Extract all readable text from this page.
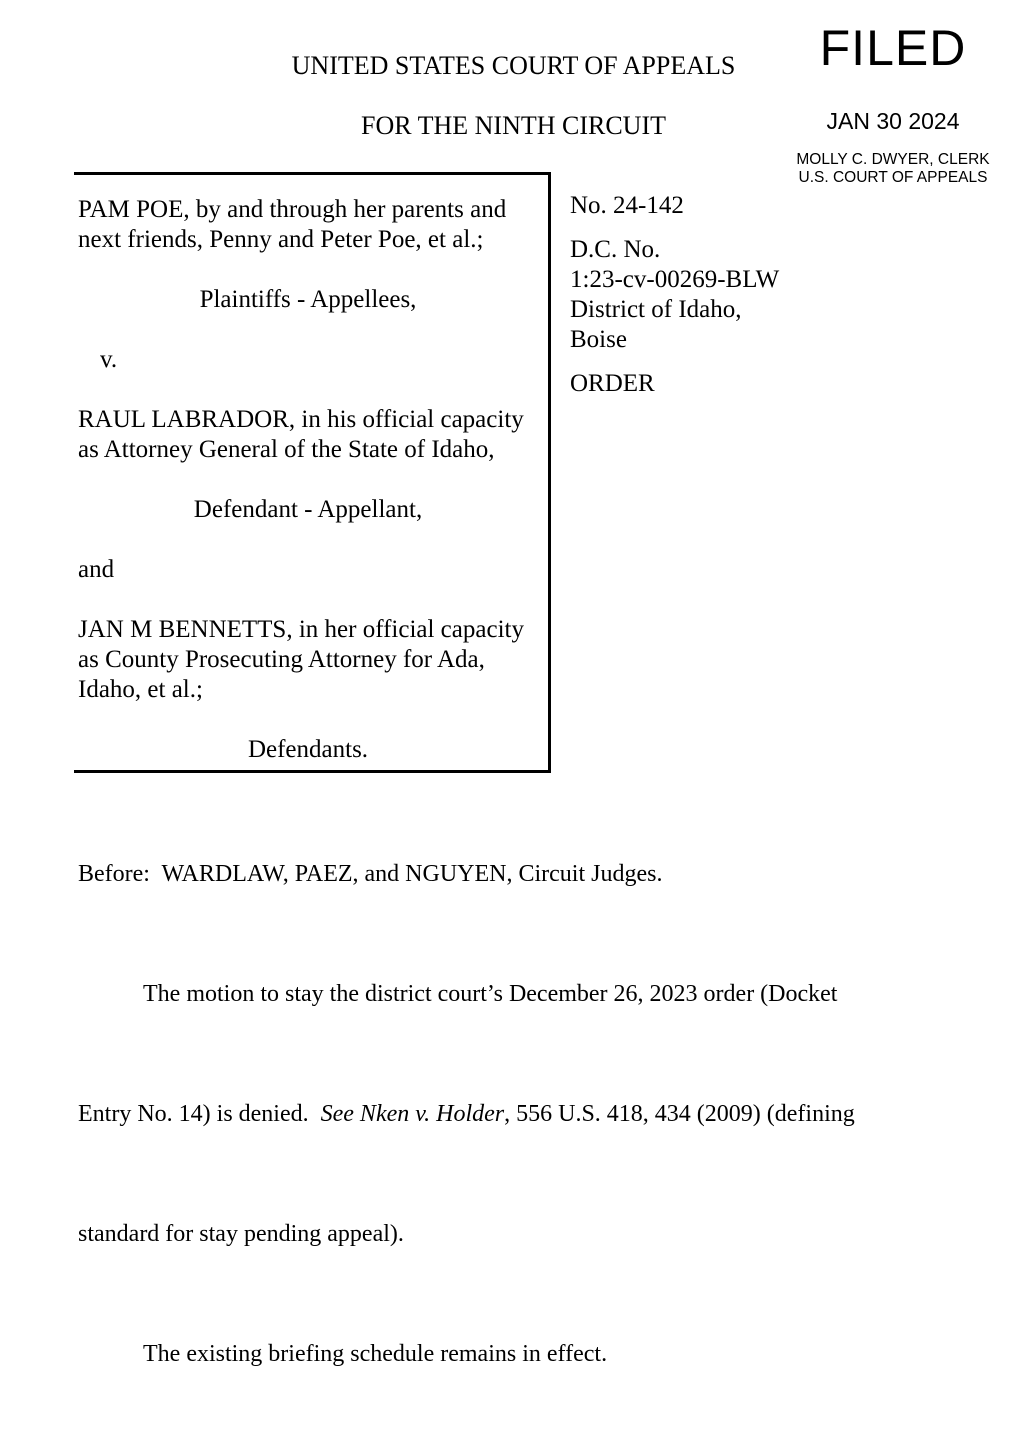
UNITED STATES COURT OF APPEALS
FOR THE NINTH CIRCUIT
FILED
JAN 30 2024
MOLLY C. DWYER, CLERK
U.S. COURT OF APPEALS
PAM POE, by and through her parents and
next friends, Penny and Peter Poe, et al.;
Plaintiffs - Appellees,
v.
RAUL LABRADOR, in his official capacity
as Attorney General of the State of Idaho,
Defendant - Appellant,
and
JAN M BENNETTS, in her official capacity
as County Prosecuting Attorney for Ada,
Idaho, et al.;
Defendants.
No. 24-142
D.C. No.
1:23-cv-00269-BLW
District of Idaho,
Boise
ORDER

Before:  WARDLAW, PAEZ, and NGUYEN, Circuit Judges.

The motion to stay the district court’s December 26, 2023 order (Docket

Entry No. 14) is denied.  See Nken v. Holder, 556 U.S. 418, 434 (2009) (defining

standard for stay pending appeal).

The existing briefing schedule remains in effect.
